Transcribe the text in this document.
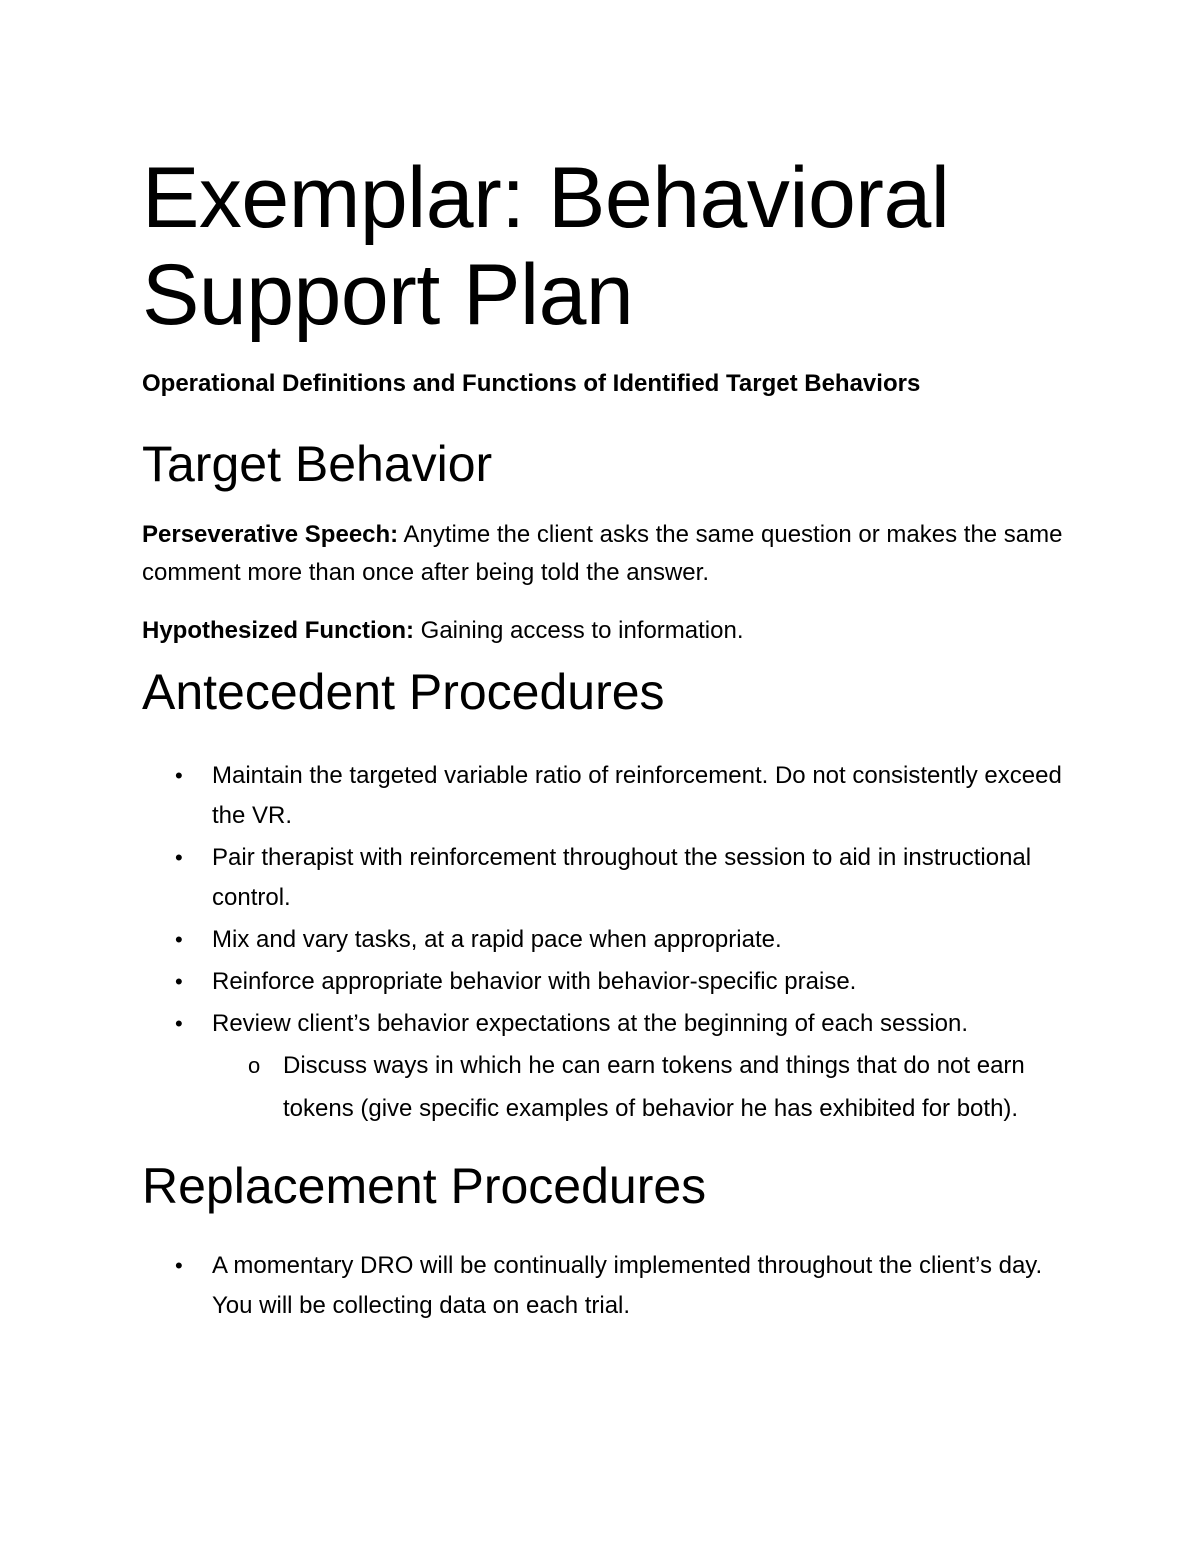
Exemplar: Behavioral
Support Plan

Operational Definitions and Functions of Identified Target Behaviors

Target Behavior

Perseverative Speech: Anytime the client asks the same question or makes the same comment more than once after being told the answer.

Hypothesized Function: Gaining access to information.

Antecedent Procedures
• Maintain the targeted variable ratio of reinforcement. Do not consistently exceed the VR.
• Pair therapist with reinforcement throughout the session to aid in instructional control.
• Mix and vary tasks, at a rapid pace when appropriate.
• Reinforce appropriate behavior with behavior-specific praise.
• Review client’s behavior expectations at the beginning of each session.
o Discuss ways in which he can earn tokens and things that do not earn tokens (give specific examples of behavior he has exhibited for both).
Replacement Procedures
• A momentary DRO will be continually implemented throughout the client’s day. You will be collecting data on each trial.
